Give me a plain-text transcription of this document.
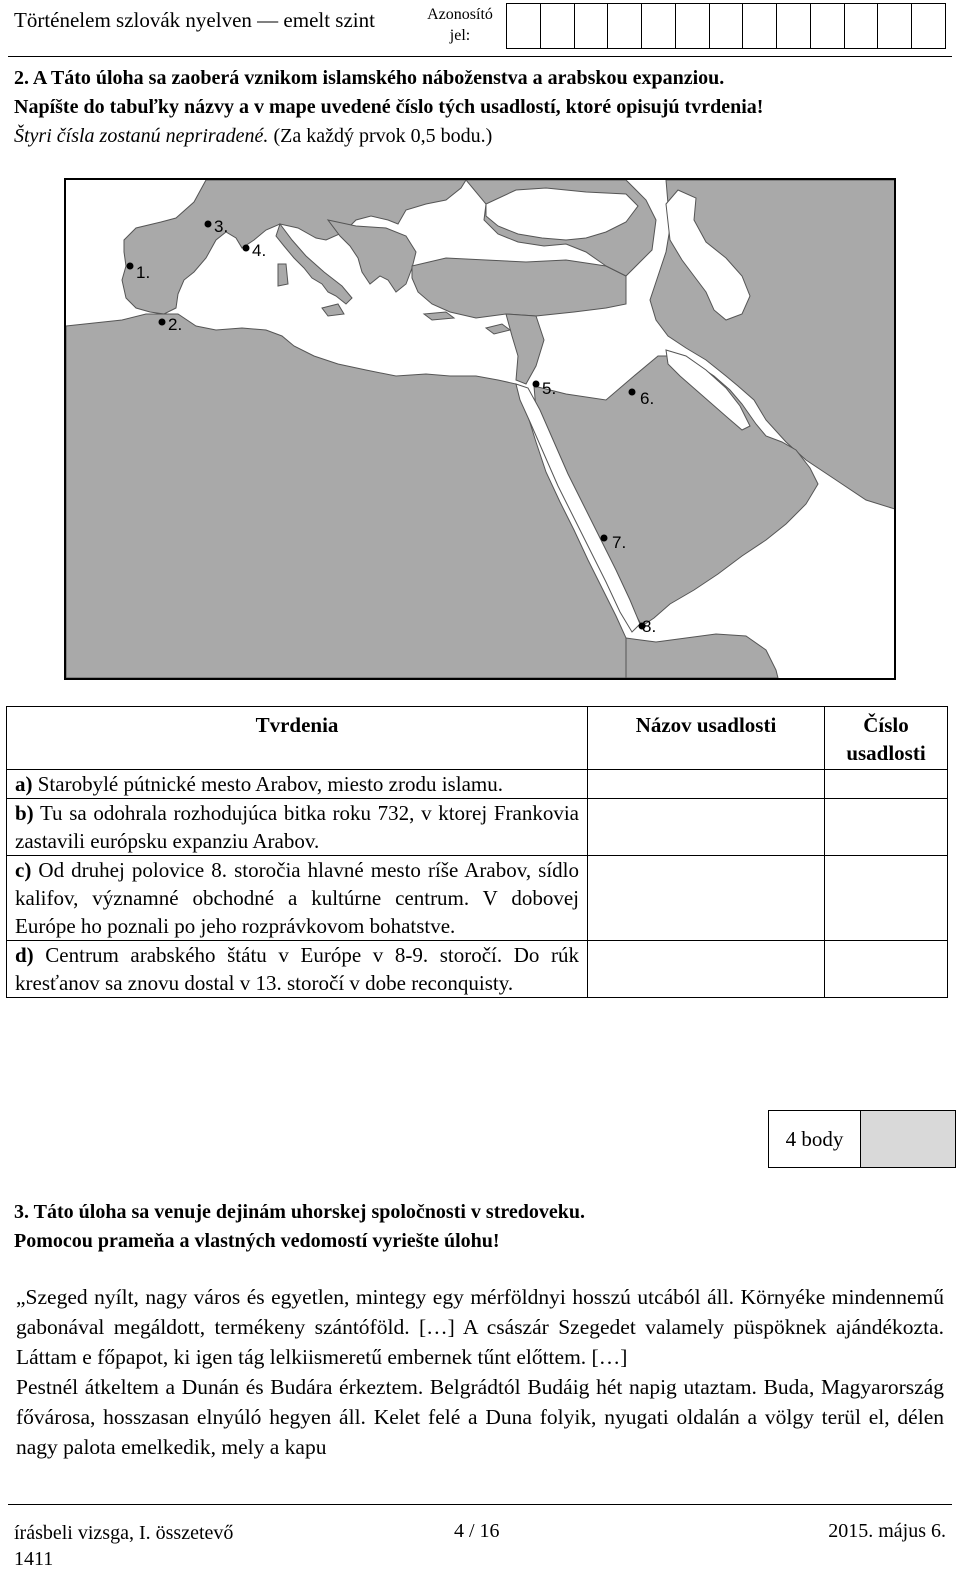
Történelem szlovák nyelven — emelt szint	Azonosító jel:
2. A Táto úloha sa zaoberá vznikom islamského náboženstva a arabskou expanziou.
Napíšte do tabuľky názvy a v mape uvedené číslo tých usadlostí, ktoré opisujú tvrdenia!
Štyri čísla zostanú nepriradené. (Za každý prvok 0,5 bodu.)
1.
2.
3.
4.
5.
6.
7.
8.
Tvrdenia	Názov usadlosti	Číslo usadlosti
a) Starobylé pútnické mesto Arabov, miesto zrodu islamu.		
b) Tu sa odohrala rozhodujúca bitka roku 732, v ktorej Frankovia zastavili európsku expanziu Arabov.		
c) Od druhej polovice 8. storočia hlavné mesto ríše Arabov, sídlo kalifov, významné obchodné a kultúrne centrum. V dobovej Európe ho poznali po jeho rozprávkovom bohatstve.		
d) Centrum arabského štátu v Európe v 8-9. storočí. Do rúk kresťanov sa znovu dostal v 13. storočí v dobe reconquisty.		
4 body
3. Táto úloha sa venuje dejinám uhorskej spoločnosti v stredoveku.
Pomocou prameňa a vlastných vedomostí vyriešte úlohu!

„Szeged nyílt, nagy város és egyetlen, mintegy egy mérföldnyi hosszú utcából áll. Környéke mindennemű gabonával megáldott, termékeny szántóföld. […] A császár Szegedet valamely püspöknek ajándékozta. Láttam e főpapot, ki igen tág lelkiismeretű embernek tűnt előttem. […]

Pestnél átkeltem a Dunán és Budára érkeztem. Belgrádtól Budáig hét napig utaztam. Buda, Magyarország fővárosa, hosszasan elnyúló hegyen áll. Kelet felé a Duna folyik, nyugati oldalán a völgy terül el, délen nagy palota emelkedik, mely a kapu

írásbeli vizsga, I. összetevő
1411
4 / 16	2015. május 6.
